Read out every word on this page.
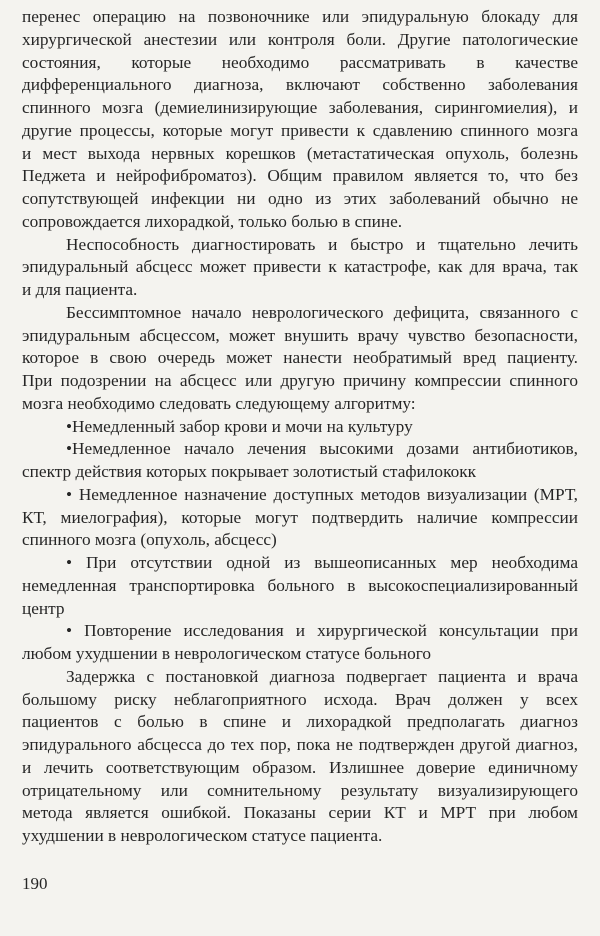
перенес операцию на позвоночнике или эпидуральную блокаду для
хирургической анестезии или контроля боли. Другие патологические
состояния, которые необходимо рассматривать в качестве
дифференциального диагноза, включают собственно заболевания
спинного мозга (демиелинизирующие заболевания, сирингомиелия), и
другие процессы, которые могут привести к сдавлению спинного мозга
и мест выхода нервных корешков (метастатическая опухоль, болезнь
Педжета и нейрофиброматоз). Общим правилом является то, что без
сопутствующей инфекции ни одно из этих заболеваний обычно не
сопровождается лихорадкой, только болью в спине.
Неспособность диагностировать и быстро и тщательно лечить
эпидуральный абсцесс может привести к катастрофе, как для врача, так
и для пациента.
Бессимптомное начало неврологического дефицита, связанного с
эпидуральным абсцессом, может внушить врачу чувство безопасности,
которое в свою очередь может нанести необратимый вред пациенту.
При подозрении на абсцесс или другую причину компрессии спинного
мозга необходимо следовать следующему алгоритму:
•Немедленный забор крови и мочи на культуру
•Немедленное начало лечения высокими дозами антибиотиков,
спектр действия которых покрывает золотистый стафилококк
• Немедленное назначение доступных методов визуализации (МРТ,
КТ, миелография), которые могут подтвердить наличие компрессии
спинного мозга (опухоль, абсцесс)
• При отсутствии одной из вышеописанных мер необходима
немедленная транспортировка больного в высокоспециализированный
центр
• Повторение исследования и хирургической консультации при
любом ухудшении в неврологическом статусе больного
Задержка с постановкой диагноза подвергает пациента и врача
большому риску неблагоприятного исхода. Врач должен у всех
пациентов с болью в спине и лихорадкой предполагать диагноз
эпидурального абсцесса до тех пор, пока не подтвержден другой диагноз,
и лечить соответствующим образом. Излишнее доверие единичному
отрицательному или сомнительному результату визуализирующего
метода является ошибкой. Показаны серии КТ и МРТ при любом
ухудшении в неврологическом статусе пациента.
190
